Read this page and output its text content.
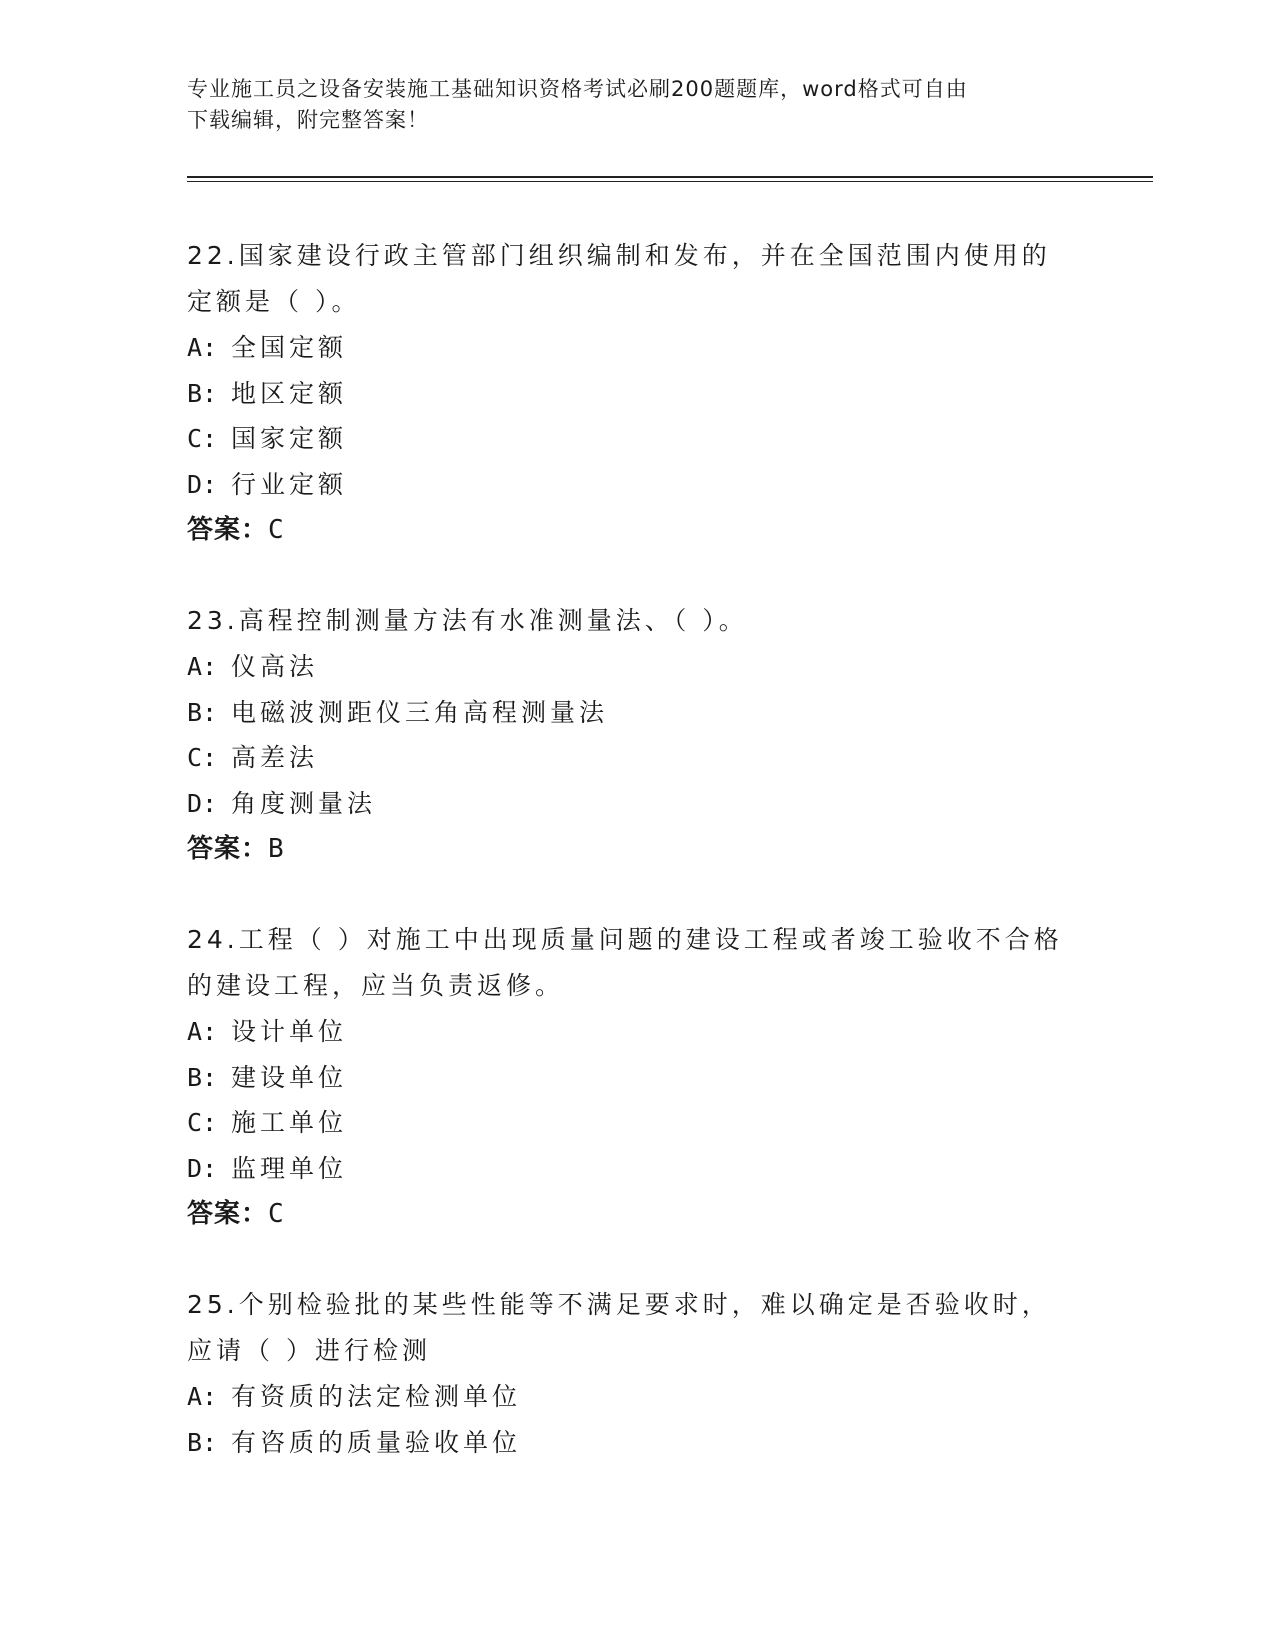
专业施工员之设备安装施工基础知识资格考试必刷200题题库，word格式可自由
下载编辑，附完整答案！
22.国家建设行政主管部门组织编制和发布，并在全国范围内使用的定额是（ ）。
A: 全国定额
B: 地区定额
C: 国家定额
D: 行业定额
答案：C
23.高程控制测量方法有水准测量法、（ ）。
A: 仪高法
B: 电磁波测距仪三角高程测量法
C: 高差法
D: 角度测量法
答案：B
24.工程（ ）对施工中出现质量问题的建设工程或者竣工验收不合格的建设工程，应当负责返修。
A: 设计单位
B: 建设单位
C: 施工单位
D: 监理单位
答案：C
25.个别检验批的某些性能等不满足要求时，难以确定是否验收时，应请（ ）进行检测
A: 有资质的法定检测单位
B: 有咨质的质量验收单位
